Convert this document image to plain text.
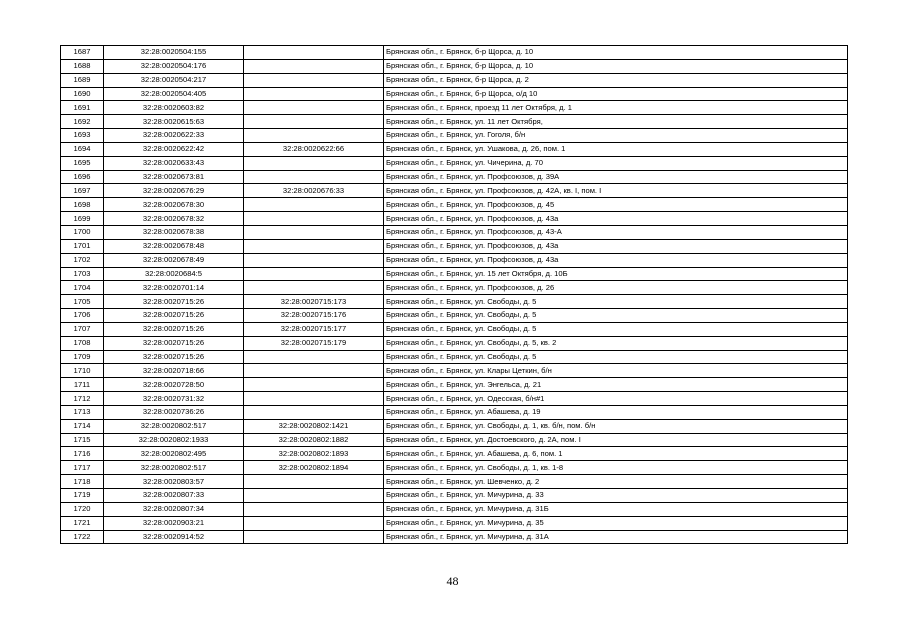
1687	32:28:0020504:155		Брянская обл., г. Брянск, б-р Щорса, д. 10
1688	32:28:0020504:176		Брянская обл., г. Брянск, б-р Щорса, д. 10
1689	32:28:0020504:217		Брянская обл., г. Брянск, б-р Щорса, д. 2
1690	32:28:0020504:405		Брянская обл., г. Брянск, б-р Щорса, о/д 10
1691	32:28:0020603:82		Брянская обл., г. Брянск, проезд 11 лет Октября, д. 1
1692	32:28:0020615:63		Брянская обл., г. Брянск, ул. 11 лет Октября,
1693	32:28:0020622:33		Брянская обл., г. Брянск, ул. Гоголя, б/н
1694	32:28:0020622:42	32:28:0020622:66	Брянская обл., г. Брянск, ул. Ушакова, д. 26, пом. 1
1695	32:28:0020633:43		Брянская обл., г. Брянск, ул. Чичерина, д. 70
1696	32:28:0020673:81		Брянская обл., г. Брянск, ул. Профсоюзов, д. 39А
1697	32:28:0020676:29	32:28:0020676:33	Брянская обл., г. Брянск, ул. Профсоюзов, д. 42А, кв. I, пом. I
1698	32:28:0020678:30		Брянская обл., г. Брянск, ул. Профсоюзов, д. 45
1699	32:28:0020678:32		Брянская обл., г. Брянск, ул. Профсоюзов, д. 43а
1700	32:28:0020678:38		Брянская обл., г. Брянск, ул. Профсоюзов, д. 43-А
1701	32:28:0020678:48		Брянская обл., г. Брянск, ул. Профсоюзов, д. 43а
1702	32:28:0020678:49		Брянская обл., г. Брянск, ул. Профсоюзов, д. 43а
1703	32:28:0020684:5		Брянская обл., г. Брянск, ул. 15 лет Октября, д. 10Б
1704	32:28:0020701:14		Брянская обл., г. Брянск, ул. Профсоюзов, д. 26
1705	32:28:0020715:26	32:28:0020715:173	Брянская обл., г. Брянск, ул. Свободы, д. 5
1706	32:28:0020715:26	32:28:0020715:176	Брянская обл., г. Брянск, ул. Свободы, д. 5
1707	32:28:0020715:26	32:28:0020715:177	Брянская обл., г. Брянск, ул. Свободы, д. 5
1708	32:28:0020715:26	32:28:0020715:179	Брянская обл., г. Брянск, ул. Свободы, д. 5, кв. 2
1709	32:28:0020715:26		Брянская обл., г. Брянск, ул. Свободы, д. 5
1710	32:28:0020718:66		Брянская обл., г. Брянск, ул. Клары Цеткин, б/н
1711	32:28:0020728:50		Брянская обл., г. Брянск, ул. Энгельса, д. 21
1712	32:28:0020731:32		Брянская обл., г. Брянск, ул. Одесская, б/н#1
1713	32:28:0020736:26		Брянская обл., г. Брянск, ул. Абашева, д. 19
1714	32:28:0020802:517	32:28:0020802:1421	Брянская обл., г. Брянск, ул. Свободы, д. 1, кв. б/н, пом. б/н
1715	32:28:0020802:1933	32:28:0020802:1882	Брянская обл., г. Брянск, ул. Достоевского, д. 2А, пом. I
1716	32:28:0020802:495	32:28:0020802:1893	Брянская обл., г. Брянск, ул. Абашева, д. 6, пом. 1
1717	32:28:0020802:517	32:28:0020802:1894	Брянская обл., г. Брянск, ул. Свободы, д. 1, кв. 1-8
1718	32:28:0020803:57		Брянская обл., г. Брянск, ул. Шевченко, д. 2
1719	32:28:0020807:33		Брянская обл., г. Брянск, ул. Мичурина, д. 33
1720	32:28:0020807:34		Брянская обл., г. Брянск, ул. Мичурина, д. 31Б
1721	32:28:0020903:21		Брянская обл., г. Брянск, ул. Мичурина, д. 35
1722	32:28:0020914:52		Брянская обл., г. Брянск, ул. Мичурина, д. 31А
48
